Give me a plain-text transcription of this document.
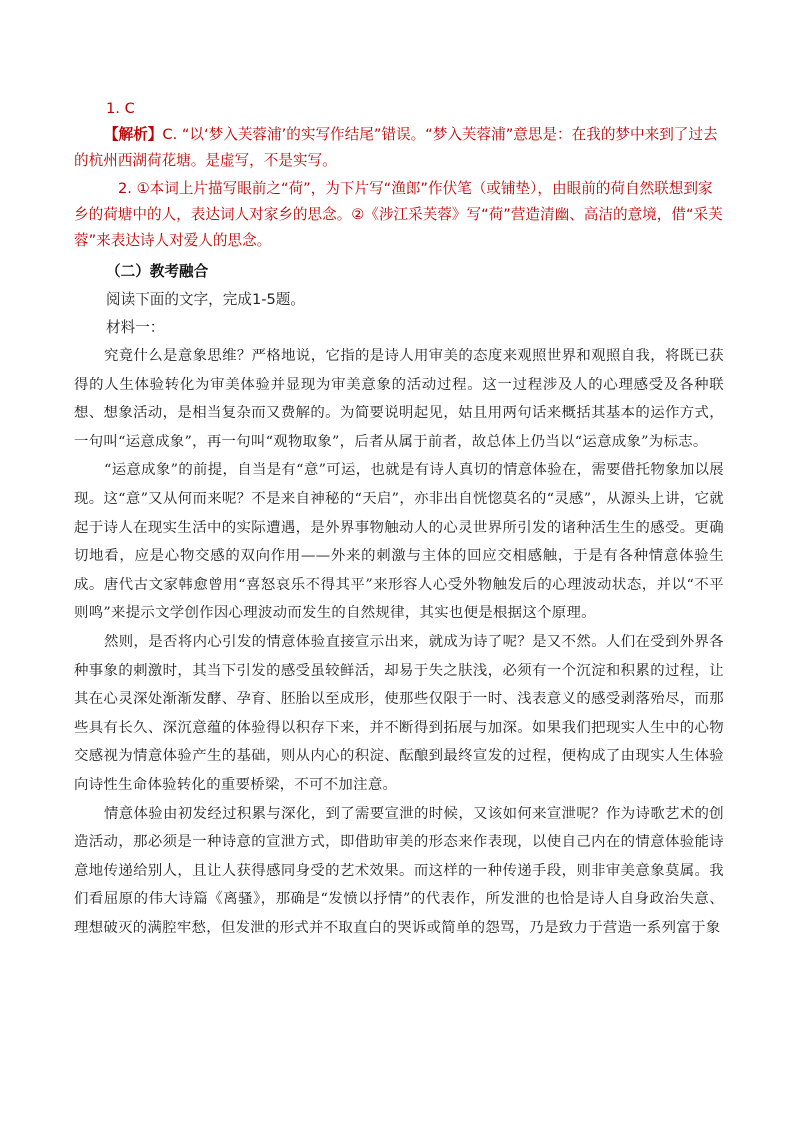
1. C

【解析】C. “以‘梦入芙蓉浦’的实写作结尾”错误。“梦入芙蓉浦”意思是：在我的梦中来到了过去的杭州西湖荷花塘。是虚写，不是实写。

2. ①本词上片描写眼前之“荷”，为下片写“渔郎”作伏笔（或铺垫），由眼前的荷自然联想到家乡的荷塘中的人，表达词人对家乡的思念。②《涉江采芙蓉》写“荷”营造清幽、高洁的意境，借“采芙蓉”来表达诗人对爱人的思念。

（二）教考融合

阅读下面的文字，完成1-5题。

材料一：

究竟什么是意象思维？严格地说，它指的是诗人用审美的态度来观照世界和观照自我，将既已获得的人生体验转化为审美体验并显现为审美意象的活动过程。这一过程涉及人的心理感受及各种联想、想象活动，是相当复杂而又费解的。为简要说明起见，姑且用两句话来概括其基本的运作方式，一句叫“运意成象”，再一句叫“观物取象”，后者从属于前者，故总体上仍当以“运意成象”为标志。

“运意成象”的前提，自当是有“意”可运，也就是有诗人真切的情意体验在，需要借托物象加以展现。这“意”又从何而来呢？不是来自神秘的“天启”，亦非出自恍惚莫名的“灵感”，从源头上讲，它就起于诗人在现实生活中的实际遭遇，是外界事物触动人的心灵世界所引发的诸种活生生的感受。更确切地看，应是心物交感的双向作用——外来的刺激与主体的回应交相感触，于是有各种情意体验生成。唐代古文家韩愈曾用“喜怒哀乐不得其平”来形容人心受外物触发后的心理波动状态，并以“不平则鸣”来提示文学创作因心理波动而发生的自然规律，其实也便是根据这个原理。

然则，是否将内心引发的情意体验直接宣示出来，就成为诗了呢？是又不然。人们在受到外界各种事象的刺激时，其当下引发的感受虽较鲜活，却易于失之肤浅，必须有一个沉淀和积累的过程，让其在心灵深处渐渐发酵、孕育、胚胎以至成形，使那些仅限于一时、浅表意义的感受剥落殆尽，而那些具有长久、深沉意蕴的体验得以积存下来，并不断得到拓展与加深。如果我们把现实人生中的心物交感视为情意体验产生的基础，则从内心的积淀、酝酿到最终宣发的过程，便构成了由现实人生体验向诗性生命体验转化的重要桥梁，不可不加注意。

情意体验由初发经过积累与深化，到了需要宣泄的时候，又该如何来宣泄呢？作为诗歌艺术的创造活动，那必须是一种诗意的宣泄方式，即借助审美的形态来作表现，以使自己内在的情意体验能诗意地传递给别人，且让人获得感同身受的艺术效果。而这样的一种传递手段，则非审美意象莫属。我们看屈原的伟大诗篇《离骚》，那确是“发愤以抒情”的代表作，所发泄的也恰是诗人自身政治失意、理想破灭的满腔牢愁，但发泄的形式并不取直白的哭诉或简单的怨骂，乃是致力于营造一系列富于象
